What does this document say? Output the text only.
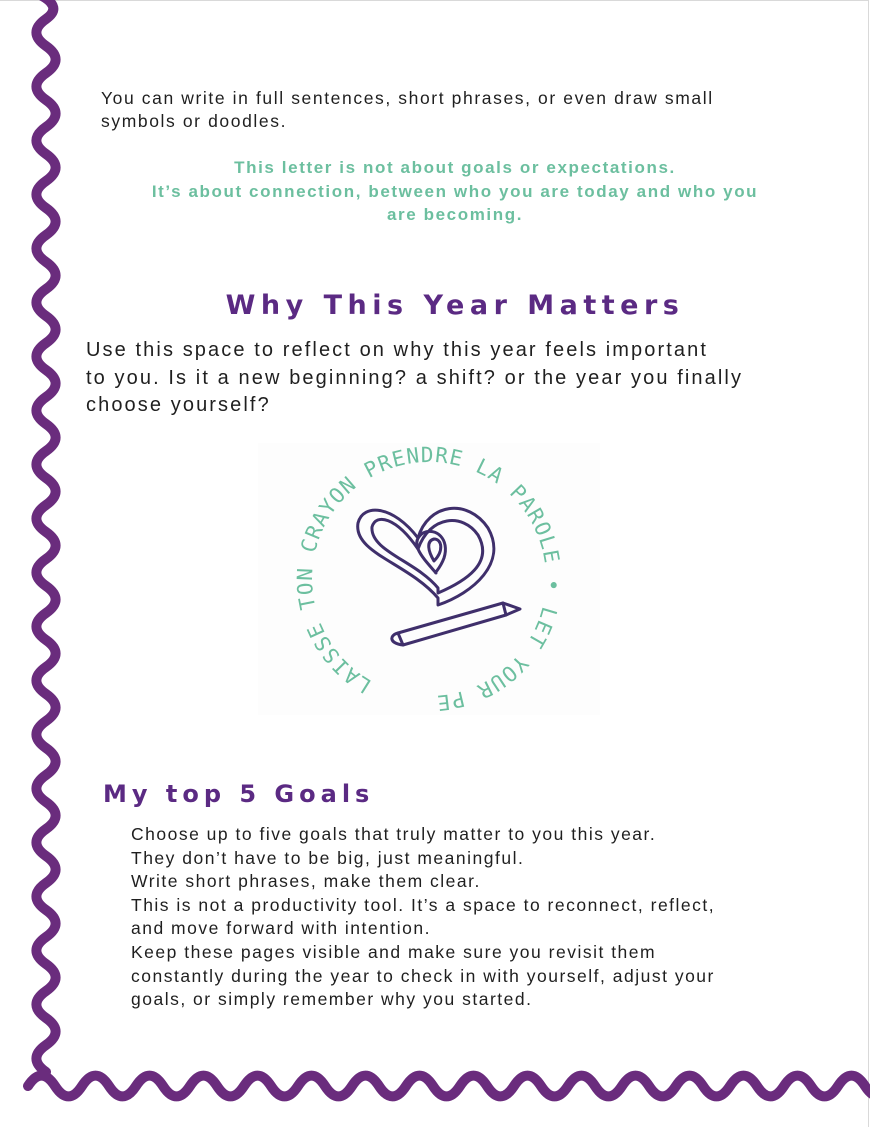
You can write in full sentences, short phrases, or even draw small
symbols or doodles.

This letter is not about goals or expectations.
It’s about connection, between who you are today and who you
are becoming.

Why This Year Matters

Use this space to reflect on why this year feels important
to you. Is it a new beginning? a shift? or the year you finally
choose yourself?

LAISSE TON CRAYON PRENDRE LA PAROLE • LET YOUR PE
My top 5 Goals

Choose up to five goals that truly matter to you this year.
They don’t have to be big, just meaningful.
Write short phrases, make them clear.
This is not a productivity tool. It’s a space to reconnect, reflect,
and move forward with intention.
Keep these pages visible and make sure you revisit them
constantly during the year to check in with yourself, adjust your
goals, or simply remember why you started.
